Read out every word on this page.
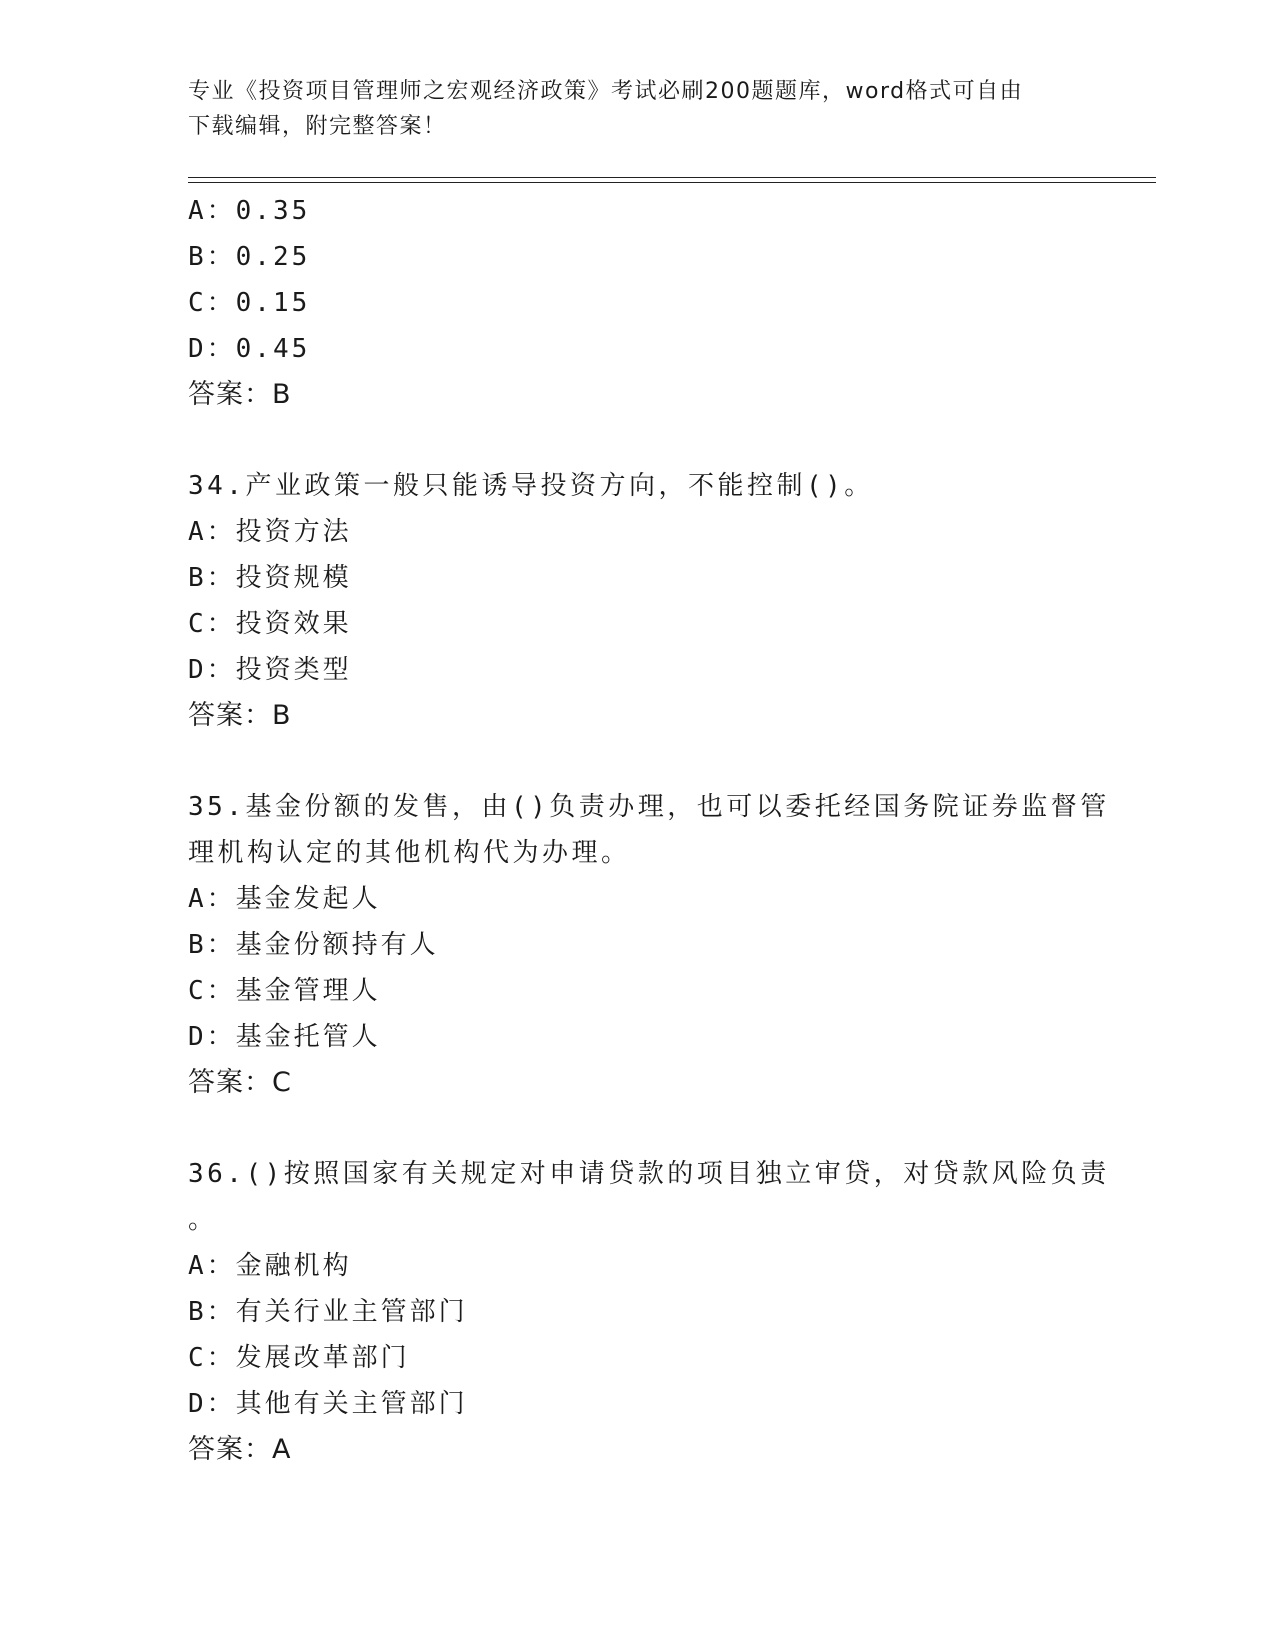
专业《投资项目管理师之宏观经济政策》考试必刷200题题库，word格式可自由
下载编辑，附完整答案！
A：0.35
B：0.25
C：0.15
D：0.45
答案：B
34.产业政策一般只能诱导投资方向，不能控制()。
A：投资方法
B：投资规模
C：投资效果
D：投资类型
答案：B
35.基金份额的发售，由()负责办理，也可以委托经国务院证券监督管
理机构认定的其他机构代为办理。
A：基金发起人
B：基金份额持有人
C：基金管理人
D：基金托管人
答案：C
36.()按照国家有关规定对申请贷款的项目独立审贷，对贷款风险负责
。
A：金融机构
B：有关行业主管部门
C：发展改革部门
D：其他有关主管部门
答案：A
